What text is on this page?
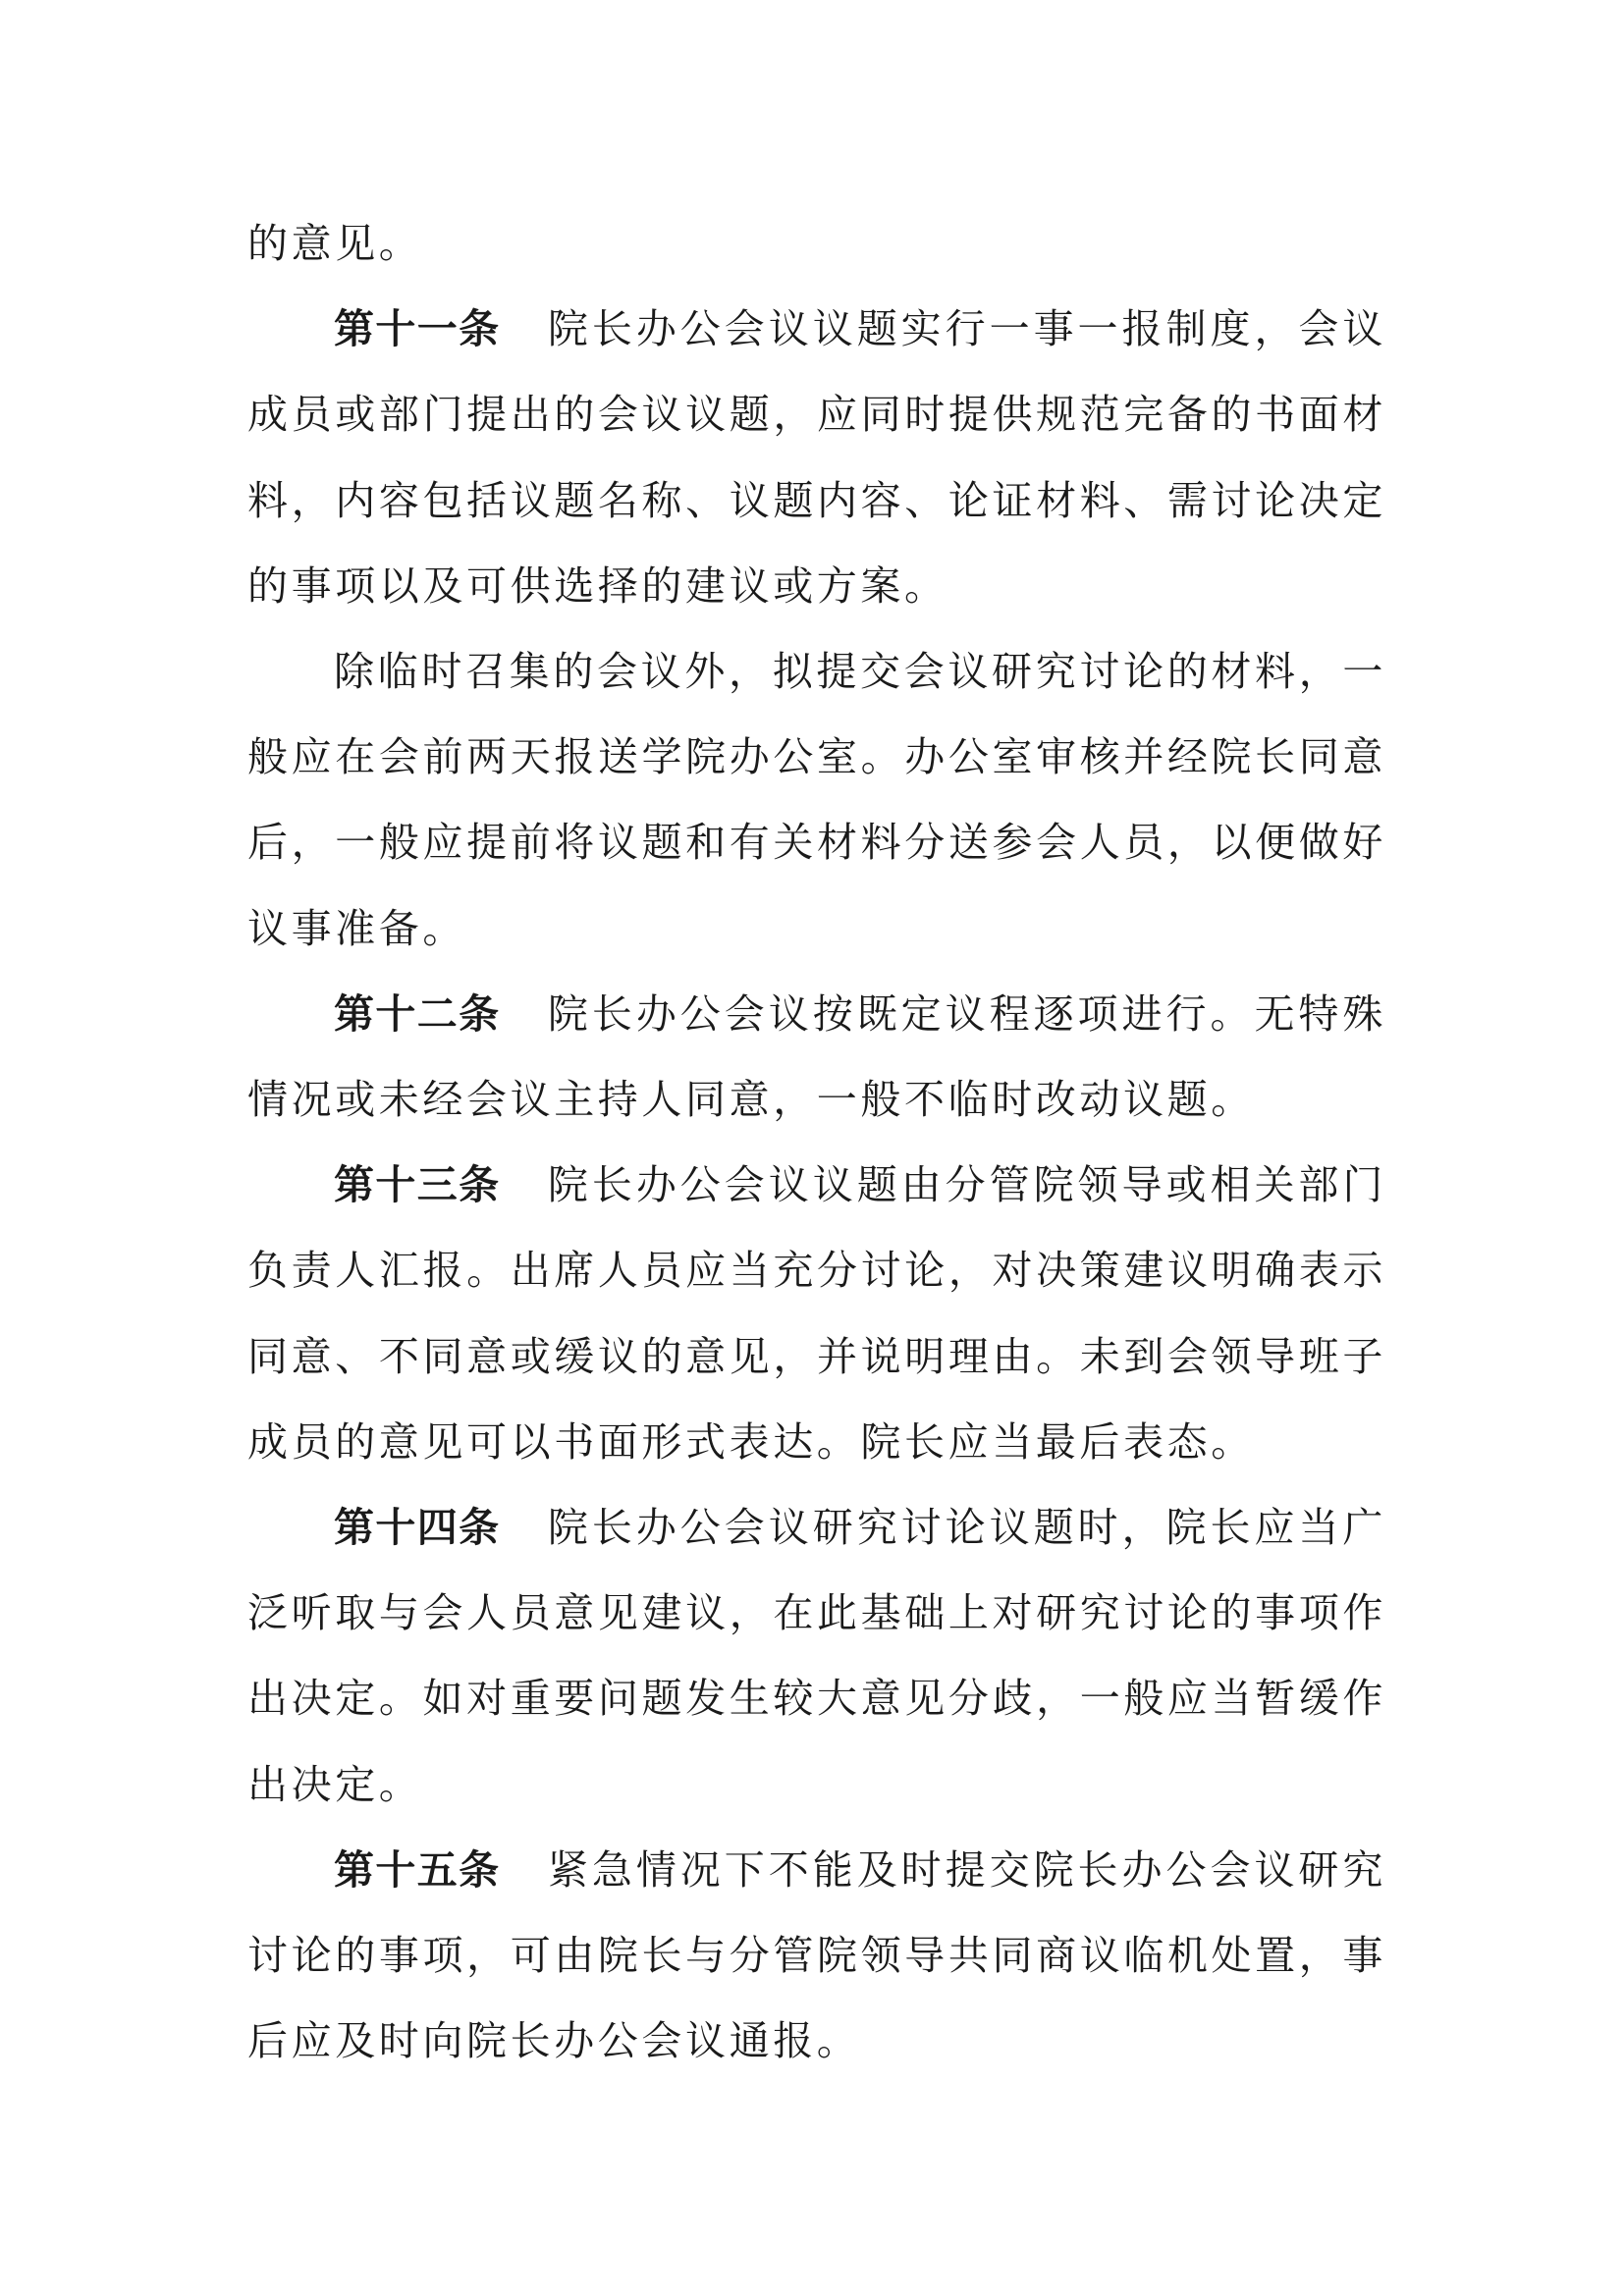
的意见。

第十一条 院长办公会议议题实行一事一报制度，会议成员或部门提出的会议议题，应同时提供规范完备的书面材料，内容包括议题名称、议题内容、论证材料、需讨论决定的事项以及可供选择的建议或方案。

除临时召集的会议外，拟提交会议研究讨论的材料，一般应在会前两天报送学院办公室。办公室审核并经院长同意后，一般应提前将议题和有关材料分送参会人员，以便做好议事准备。

第十二条 院长办公会议按既定议程逐项进行。无特殊情况或未经会议主持人同意，一般不临时改动议题。

第十三条 院长办公会议议题由分管院领导或相关部门负责人汇报。出席人员应当充分讨论，对决策建议明确表示同意、不同意或缓议的意见，并说明理由。未到会领导班子成员的意见可以书面形式表达。院长应当最后表态。

第十四条 院长办公会议研究讨论议题时，院长应当广泛听取与会人员意见建议，在此基础上对研究讨论的事项作出决定。如对重要问题发生较大意见分歧，一般应当暂缓作出决定。

第十五条 紧急情况下不能及时提交院长办公会议研究讨论的事项，可由院长与分管院领导共同商议临机处置，事后应及时向院长办公会议通报。
